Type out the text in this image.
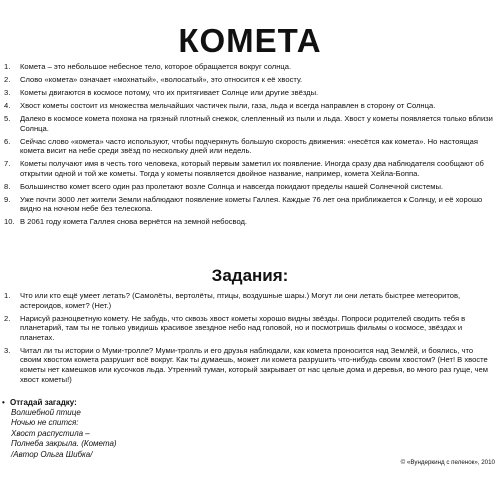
КОМЕТА
1.	Комета – это небольшое небесное тело, которое обращается вокруг солнца.
2.	Слово «комета» означает «мохнатый», «волосатый», это относится к её хвосту.
3.	Кометы двигаются в космосе потому, что их притягивает Солнце или другие звёзды.
4.	Хвост кометы состоит из множества мельчайших частичек пыли, газа, льда и всегда направлен в сторону от Солнца.
5.	Далеко в космосе комета похожа на грязный плотный снежок, слепленный из пыли и льда. Хвост у кометы появляется только вблизи Солнца.
6.	Сейчас слово «комета» часто используют, чтобы подчеркнуть большую скорость движения: «несётся как комета». Но настоящая комета висит на небе среди звёзд по нескольку дней или недель.
7.	Кометы получают имя в честь того человека, который первым заметил их появление. Иногда сразу два наблюдателя сообщают об открытии одной и той же кометы. Тогда у кометы появляется двойное название, например, комета Хейла-Боппа.
8.	Большинство комет всего один раз пролетают возле Солнца и навсегда покидают пределы нашей Солнечной системы.
9.	Уже почти 3000 лет жители Земли наблюдают появление кометы Галлея. Каждые 76 лет она приближается к Солнцу, и её хорошо видно на ночном небе без телескопа.
10. В 2061 году комета Галлея снова вернётся на земной небосвод.
Задания:
1.	Что или кто ещё умеет летать? (Самолёты, вертолёты, птицы, воздушные шары.) Могут ли они летать быстрее метеоритов, астероидов, комет? (Нет.)
2.	Нарисуй разноцветную комету. Не забудь, что сквозь хвост кометы хорошо видны звёзды. Попроси родителей сводить тебя в планетарий, там ты не только увидишь красивое звездное небо над головой, но и посмотришь фильмы о космосе, звёздах и планетах.
3.	Читал ли ты истории о Муми-тролле? Муми-тролль и его друзья наблюдали, как комета проносится над Землёй, и боялись, что своим хвостом комета разрушит всё вокруг. Как ты думаешь, может ли комета разрушить что-нибудь своим хвостом? (Нет! В хвосте кометы нет камешков или кусочков льда. Утренний туман, который закрывает от нас целые дома и деревья, во много раз гуще, чем хвост кометы!)
• Отгадай загадку:
Волшебной птице
Ночью не спится:
Хвост распустила –
Полнеба закрыла. (Комета)
/Автор Ольга Шибка/
© «Вундеркинд с пеленок», 2010
